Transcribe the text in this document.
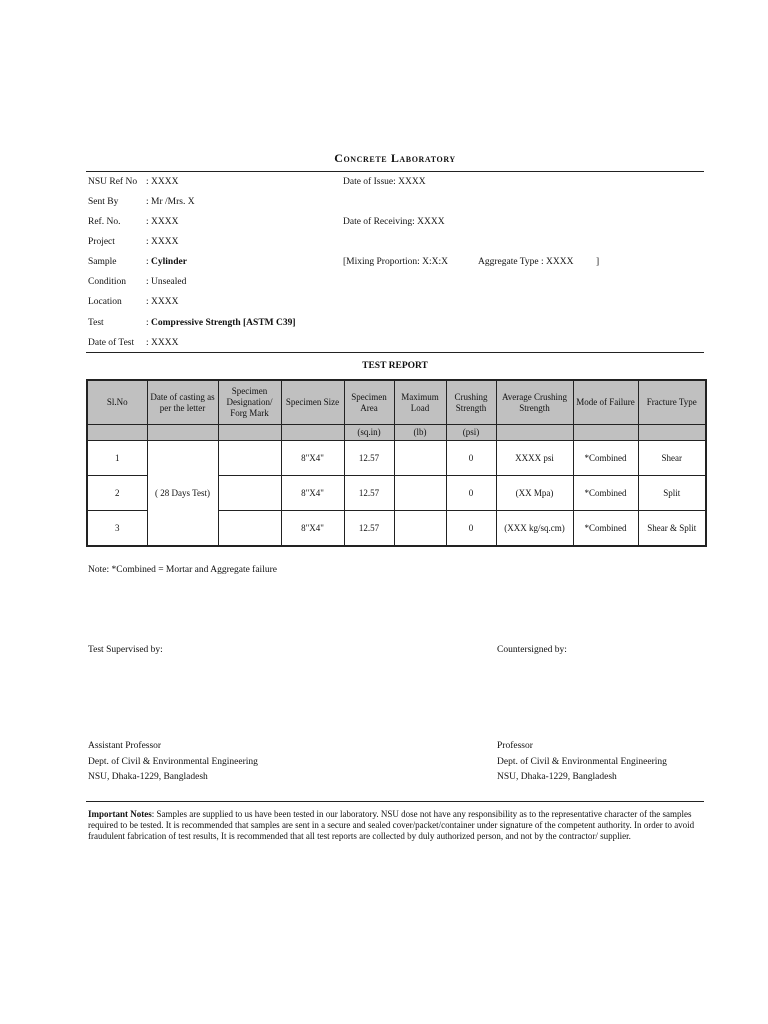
Concrete Laboratory
NSU Ref No : XXXX
Sent By	: Mr /Mrs. X
Ref. No.	: XXXX
Project	: XXXX
Sample	: Cylinder
Condition : Unsealed
Location	: XXXX
Test	: Compressive Strength [ASTM C39]
Date of Test : XXXX
Date of Issue: XXXX
Date of Receiving: XXXX
[Mixing Proportion: X:X:X	Aggregate Type : XXXX ]
TEST REPORT
Sl.No	Date of casting as per the letter	Specimen Designation/ Forg Mark	Specimen Size	Specimen Area	Maximum Load	Crushing Strength	Average Crushing Strength	Mode of Failure	Fracture Type
				(sq.in)	(lb)	(psi)			
1	( 28 Days Test)		8"X4"	12.57		0	XXXX psi	*Combined	Shear
2			8"X4"	12.57		0	(XX Mpa)	*Combined	Split
3			8"X4"	12.57		0	(XXX kg/sq.cm)	*Combined	Shear & Split
Note: *Combined = Mortar and Aggregate failure
Test Supervised by:	Countersigned by:
Assistant Professor
Dept. of Civil & Environmental Engineering
NSU, Dhaka-1229, Bangladesh
Professor
Dept. of Civil & Environmental Engineering
NSU, Dhaka-1229, Bangladesh
Important Notes: Samples are supplied to us have been tested in our laboratory. NSU dose not have any responsibility as to the representative character of the samples required to be tested. It is recommended that samples are sent in a secure and sealed cover/packet/container under signature of the competent authority. In order to avoid fraudulent fabrication of test results, It is recommended that all test reports are collected by duly authorized person, and not by the contractor/ supplier.
